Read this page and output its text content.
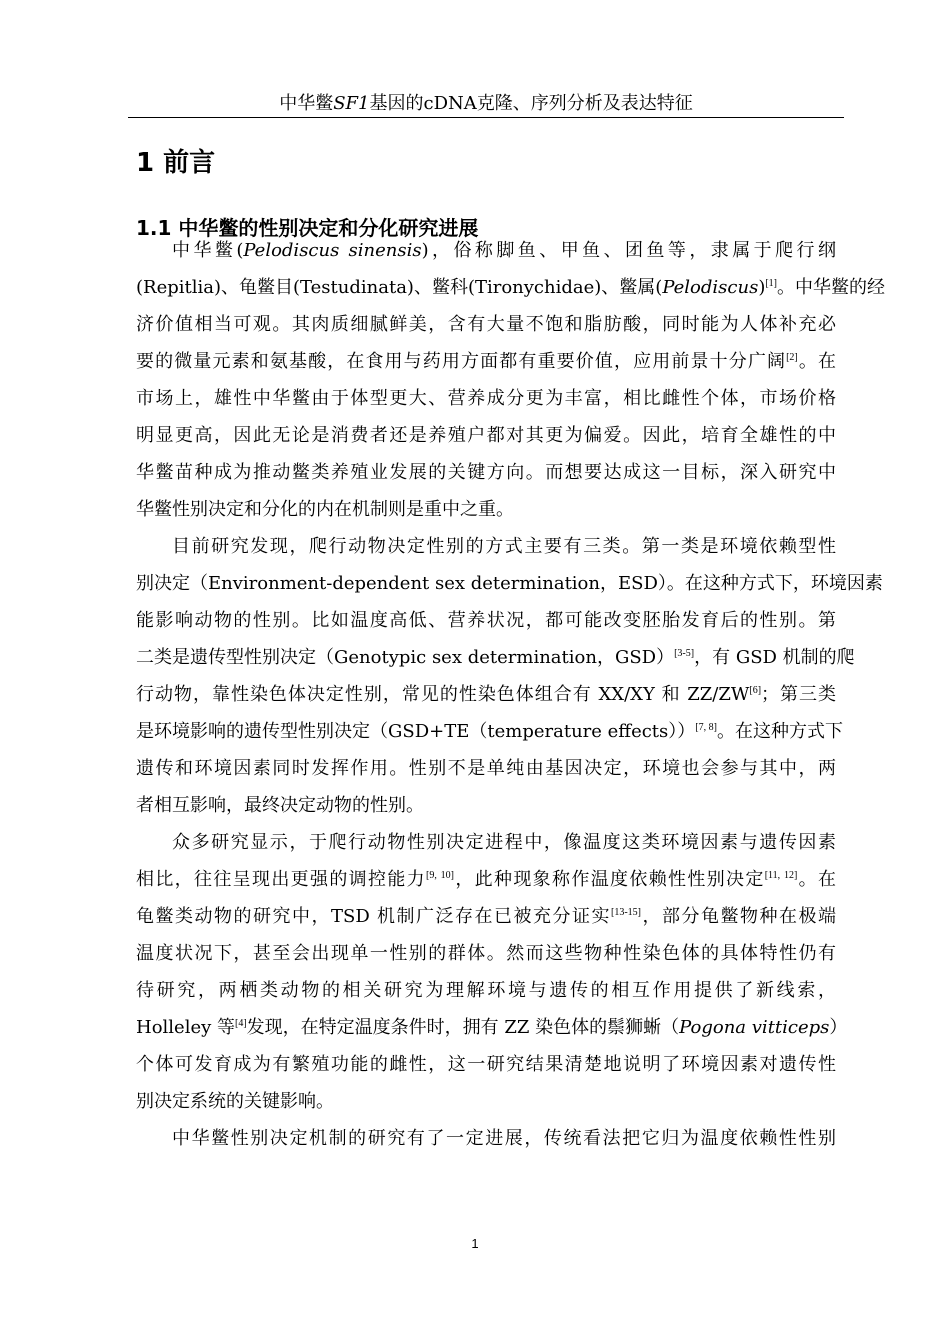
中华鳖SF1基因的cDNA克隆、序列分析及表达特征
1 前言
1.1 中华鳖的性别决定和分化研究进展
中华鳖(Pelodiscus sinensis)，俗称脚鱼、甲鱼、团鱼等，隶属于爬行纲
(Repitlia)、龟鳖目(Testudinata)、鳖科(Tironychidae)、鳖属(Pelodiscus)[1]。中华鳖的经
济价值相当可观。其肉质细腻鲜美，含有大量不饱和脂肪酸，同时能为人体补充必
要的微量元素和氨基酸，在食用与药用方面都有重要价值，应用前景十分广阔[2]。在
市场上，雄性中华鳖由于体型更大、营养成分更为丰富，相比雌性个体，市场价格
明显更高，因此无论是消费者还是养殖户都对其更为偏爱。因此，培育全雄性的中
华鳖苗种成为推动鳖类养殖业发展的关键方向。而想要达成这一目标，深入研究中
华鳖性别决定和分化的内在机制则是重中之重。
目前研究发现，爬行动物决定性别的方式主要有三类。第一类是环境依赖型性
别决定（Environment-dependent sex determination，ESD）。在这种方式下，环境因素
能影响动物的性别。比如温度高低、营养状况，都可能改变胚胎发育后的性别。第
二类是遗传型性别决定（Genotypic sex determination，GSD）[3-5]，有 GSD 机制的爬
行动物，靠性染色体决定性别，常见的性染色体组合有 XX/XY 和 ZZ/ZW[6]；第三类
是环境影响的遗传型性别决定（GSD+TE（temperature effects））[7, 8]。在这种方式下
遗传和环境因素同时发挥作用。性别不是单纯由基因决定，环境也会参与其中，两
者相互影响，最终决定动物的性别。
众多研究显示，于爬行动物性别决定进程中，像温度这类环境因素与遗传因素
相比，往往呈现出更强的调控能力[9, 10]，此种现象称作温度依赖性性别决定[11, 12]。在
龟鳖类动物的研究中，TSD 机制广泛存在已被充分证实[13-15]，部分龟鳖物种在极端
温度状况下，甚至会出现单一性别的群体。然而这些物种性染色体的具体特性仍有
待研究，两栖类动物的相关研究为理解环境与遗传的相互作用提供了新线索，
Holleley 等[4]发现，在特定温度条件时，拥有 ZZ 染色体的鬃狮蜥（Pogona vitticeps）
个体可发育成为有繁殖功能的雌性，这一研究结果清楚地说明了环境因素对遗传性
别决定系统的关键影响。
中华鳖性别决定机制的研究有了一定进展，传统看法把它归为温度依赖性性别
1
